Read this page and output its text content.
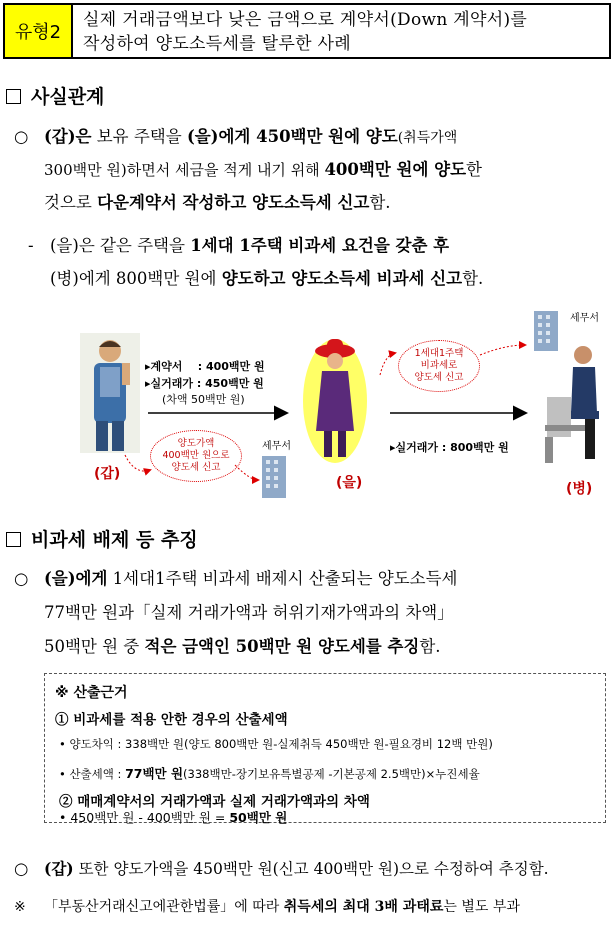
유형2
실제 거래금액보다 낮은 금액으로 계약서(Down 계약서)를
작성하여 양도소득세를 탈루한 사례
사실관계
○ (갑)은 보유 주택을 (을)에게 450백만 원에 양도(취득가액
300백만 원)하면서 세금을 적게 내기 위해 400백만 원에 양도한
것으로 다운계약서 작성하고 양도소득세 신고함.
- (을)은 같은 주택을 1세대 1주택 비과세 요건을 갖춘 후
(병)에게 800백만 원에 양도하고 양도소득세 비과세 신고함.
세무서
세무서
▸계약서 : 400백만 원
▸실거래가 : 450백만 원
(차액 50백만 원)
양도가액
400백만 원으로
양도세 신고
1세대1주택
비과세로
양도세 신고
▸실거래가 : 800백만 원
(갑)
(을)	(병)
비과세 배제 등 추징
○ (을)에게 1세대1주택 비과세 배제시 산출되는 양도소득세
77백만 원과「실제 거래가액과 허위기재가액과의 차액」
50백만 원 중 적은 금액인 50백만 원 양도세를 추징함.
※ 산출근거
① 비과세를 적용 안한 경우의 산출세액
• 양도차익 : 338백만 원(양도 800백만 원-실제취득 450백만 원-필요경비 12백 만원)
• 산출세액 : 77백만 원(338백만-장기보유특별공제 -기본공제 2.5백만)×누진세율
② 매매계약서의 거래가액과 실제 거래가액과의 차액
• 450백만 원 - 400백만 원 = 50백만 원
○ (갑) 또한 양도가액을 450백만 원(신고 400백만 원)으로 수정하여 추징함.
※ 「부동산거래신고에관한법률」에 따라 취득세의 최대 3배 과태료는 별도 부과
